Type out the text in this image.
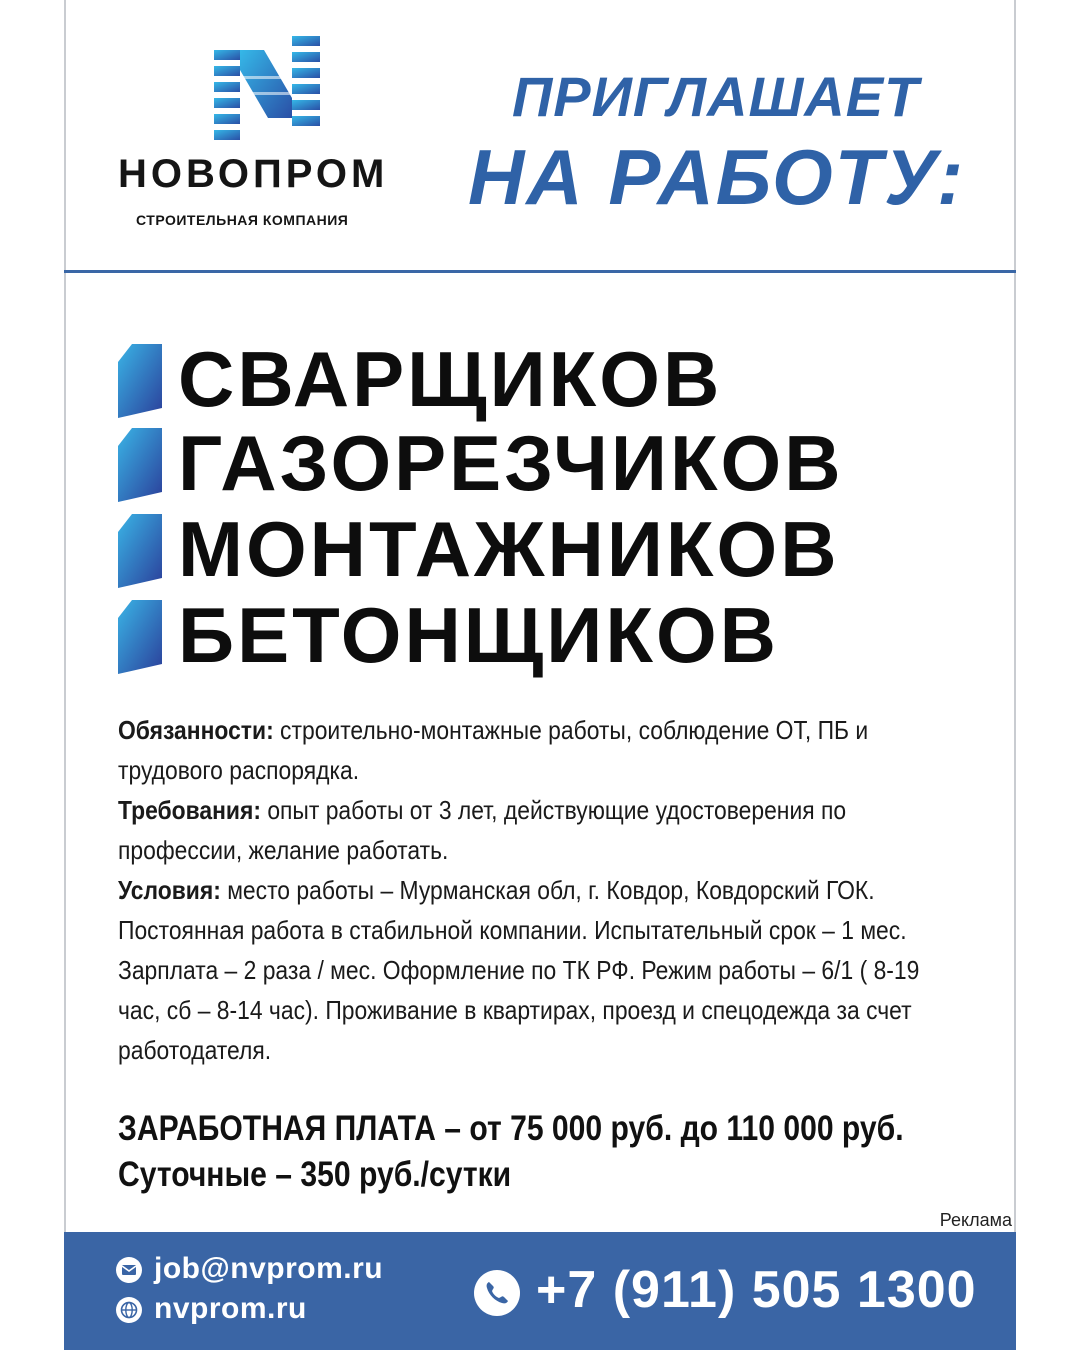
НОВОПРОМ
СТРОИТЕЛЬНАЯ КОМПАНИЯ
ПРИГЛАШАЕТ
НА РАБОТУ:
СВАРЩИКОВ
ГАЗОРЕЗЧИКОВ
МОНТАЖНИКОВ
БЕТОНЩИКОВ
Обязанности: строительно-монтажные работы, соблюдение ОТ, ПБ и трудового распорядка.
Требования: опыт работы от 3 лет, действующие удостоверения по профессии, желание работать.
Условия: место работы – Мурманская обл, г. Ковдор, Ковдорский ГОК. Постоянная работа в стабильной компании. Испытательный срок – 1 мес. Зарплата – 2 раза / мес. Оформление по ТК РФ. Режим работы – 6/1 ( 8-19 час, сб – 8-14 час). Проживание в квартирах, проезд и спецодежда за счет работодателя.
ЗАРАБОТНАЯ ПЛАТА – от 75 000 руб. до 110 000 руб.
Суточные – 350 руб./сутки
Реклама
job@nvprom.ru
nvprom.ru	+7 (911) 505 1300
